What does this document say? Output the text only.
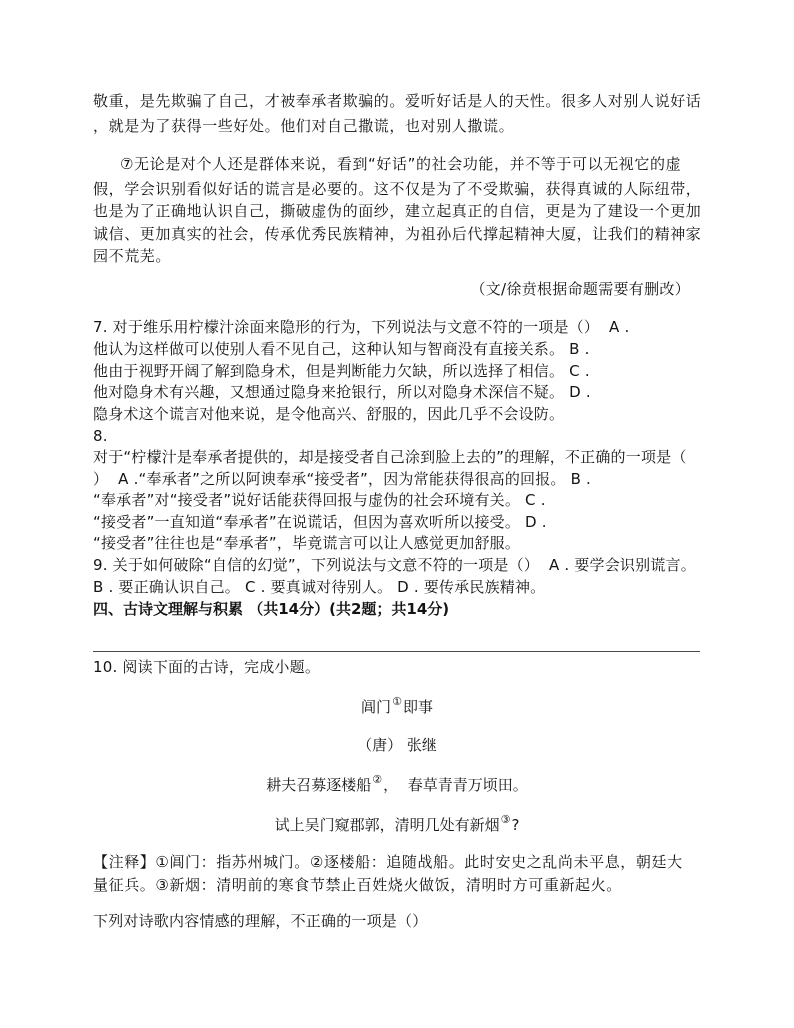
敬重，是先欺骗了自己，才被奉承者欺骗的。爱听好话是人的天性。很多人对别人说好话
，就是为了获得一些好处。他们对自己撒谎，也对别人撒谎。
⑦无论是对个人还是群体来说，看到“好话”的社会功能，并不等于可以无视它的虚
假，学会识别看似好话的谎言是必要的。这不仅是为了不受欺骗，获得真诚的人际纽带，
也是为了正确地认识自己，撕破虚伪的面纱，建立起真正的自信，更是为了建设一个更加
诚信、更加真实的社会，传承优秀民族精神，为祖孙后代撑起精神大厦，让我们的精神家
园不荒芜。
（文/徐贲根据命题需要有删改）
7. 对于维乐用柠檬汁涂面来隐形的行为，下列说法与文意不符的一项是（）  A .
他认为这样做可以使别人看不见自己，这种认知与智商没有直接关系。 B .
他由于视野开阔了解到隐身术，但是判断能力欠缺，所以选择了相信。 C .
他对隐身术有兴趣，又想通过隐身来抢银行，所以对隐身术深信不疑。 D .
隐身术这个谎言对他来说，是令他高兴、舒服的，因此几乎不会设防。
8.
对于“柠檬汁是奉承者提供的，却是接受者自己涂到脸上去的”的理解，不正确的一项是（
）  A .“奉承者”之所以阿谀奉承“接受者”，因为常能获得很高的回报。 B .
“奉承者”对“接受者”说好话能获得回报与虚伪的社会环境有关。 C .
“接受者”一直知道“奉承者”在说谎话，但因为喜欢听所以接受。 D .
“接受者”往往也是“奉承者”，毕竟谎言可以让人感觉更加舒服。
9. 关于如何破除“自信的幻觉”，下列说法与文意不符的一项是（）  A . 要学会识别谎言。
B . 要正确认识自己。 C . 要真诚对待别人。 D . 要传承民族精神。
四、古诗文理解与积累 （共14分）(共2题；共14分)
10. 阅读下面的古诗，完成小题。
阊门①即事
（唐） 张继
耕夫召募逐楼船②，  春草青青万顷田。
试上吴门窥郡郭，清明几处有新烟③?
【注释】①阊门：指苏州城门。②逐楼船：追随战船。此时安史之乱尚未平息，朝廷大
量征兵。③新烟：清明前的寒食节禁止百姓烧火做饭，清明时方可重新起火。
下列对诗歌内容情感的理解，不正确的一项是（）
